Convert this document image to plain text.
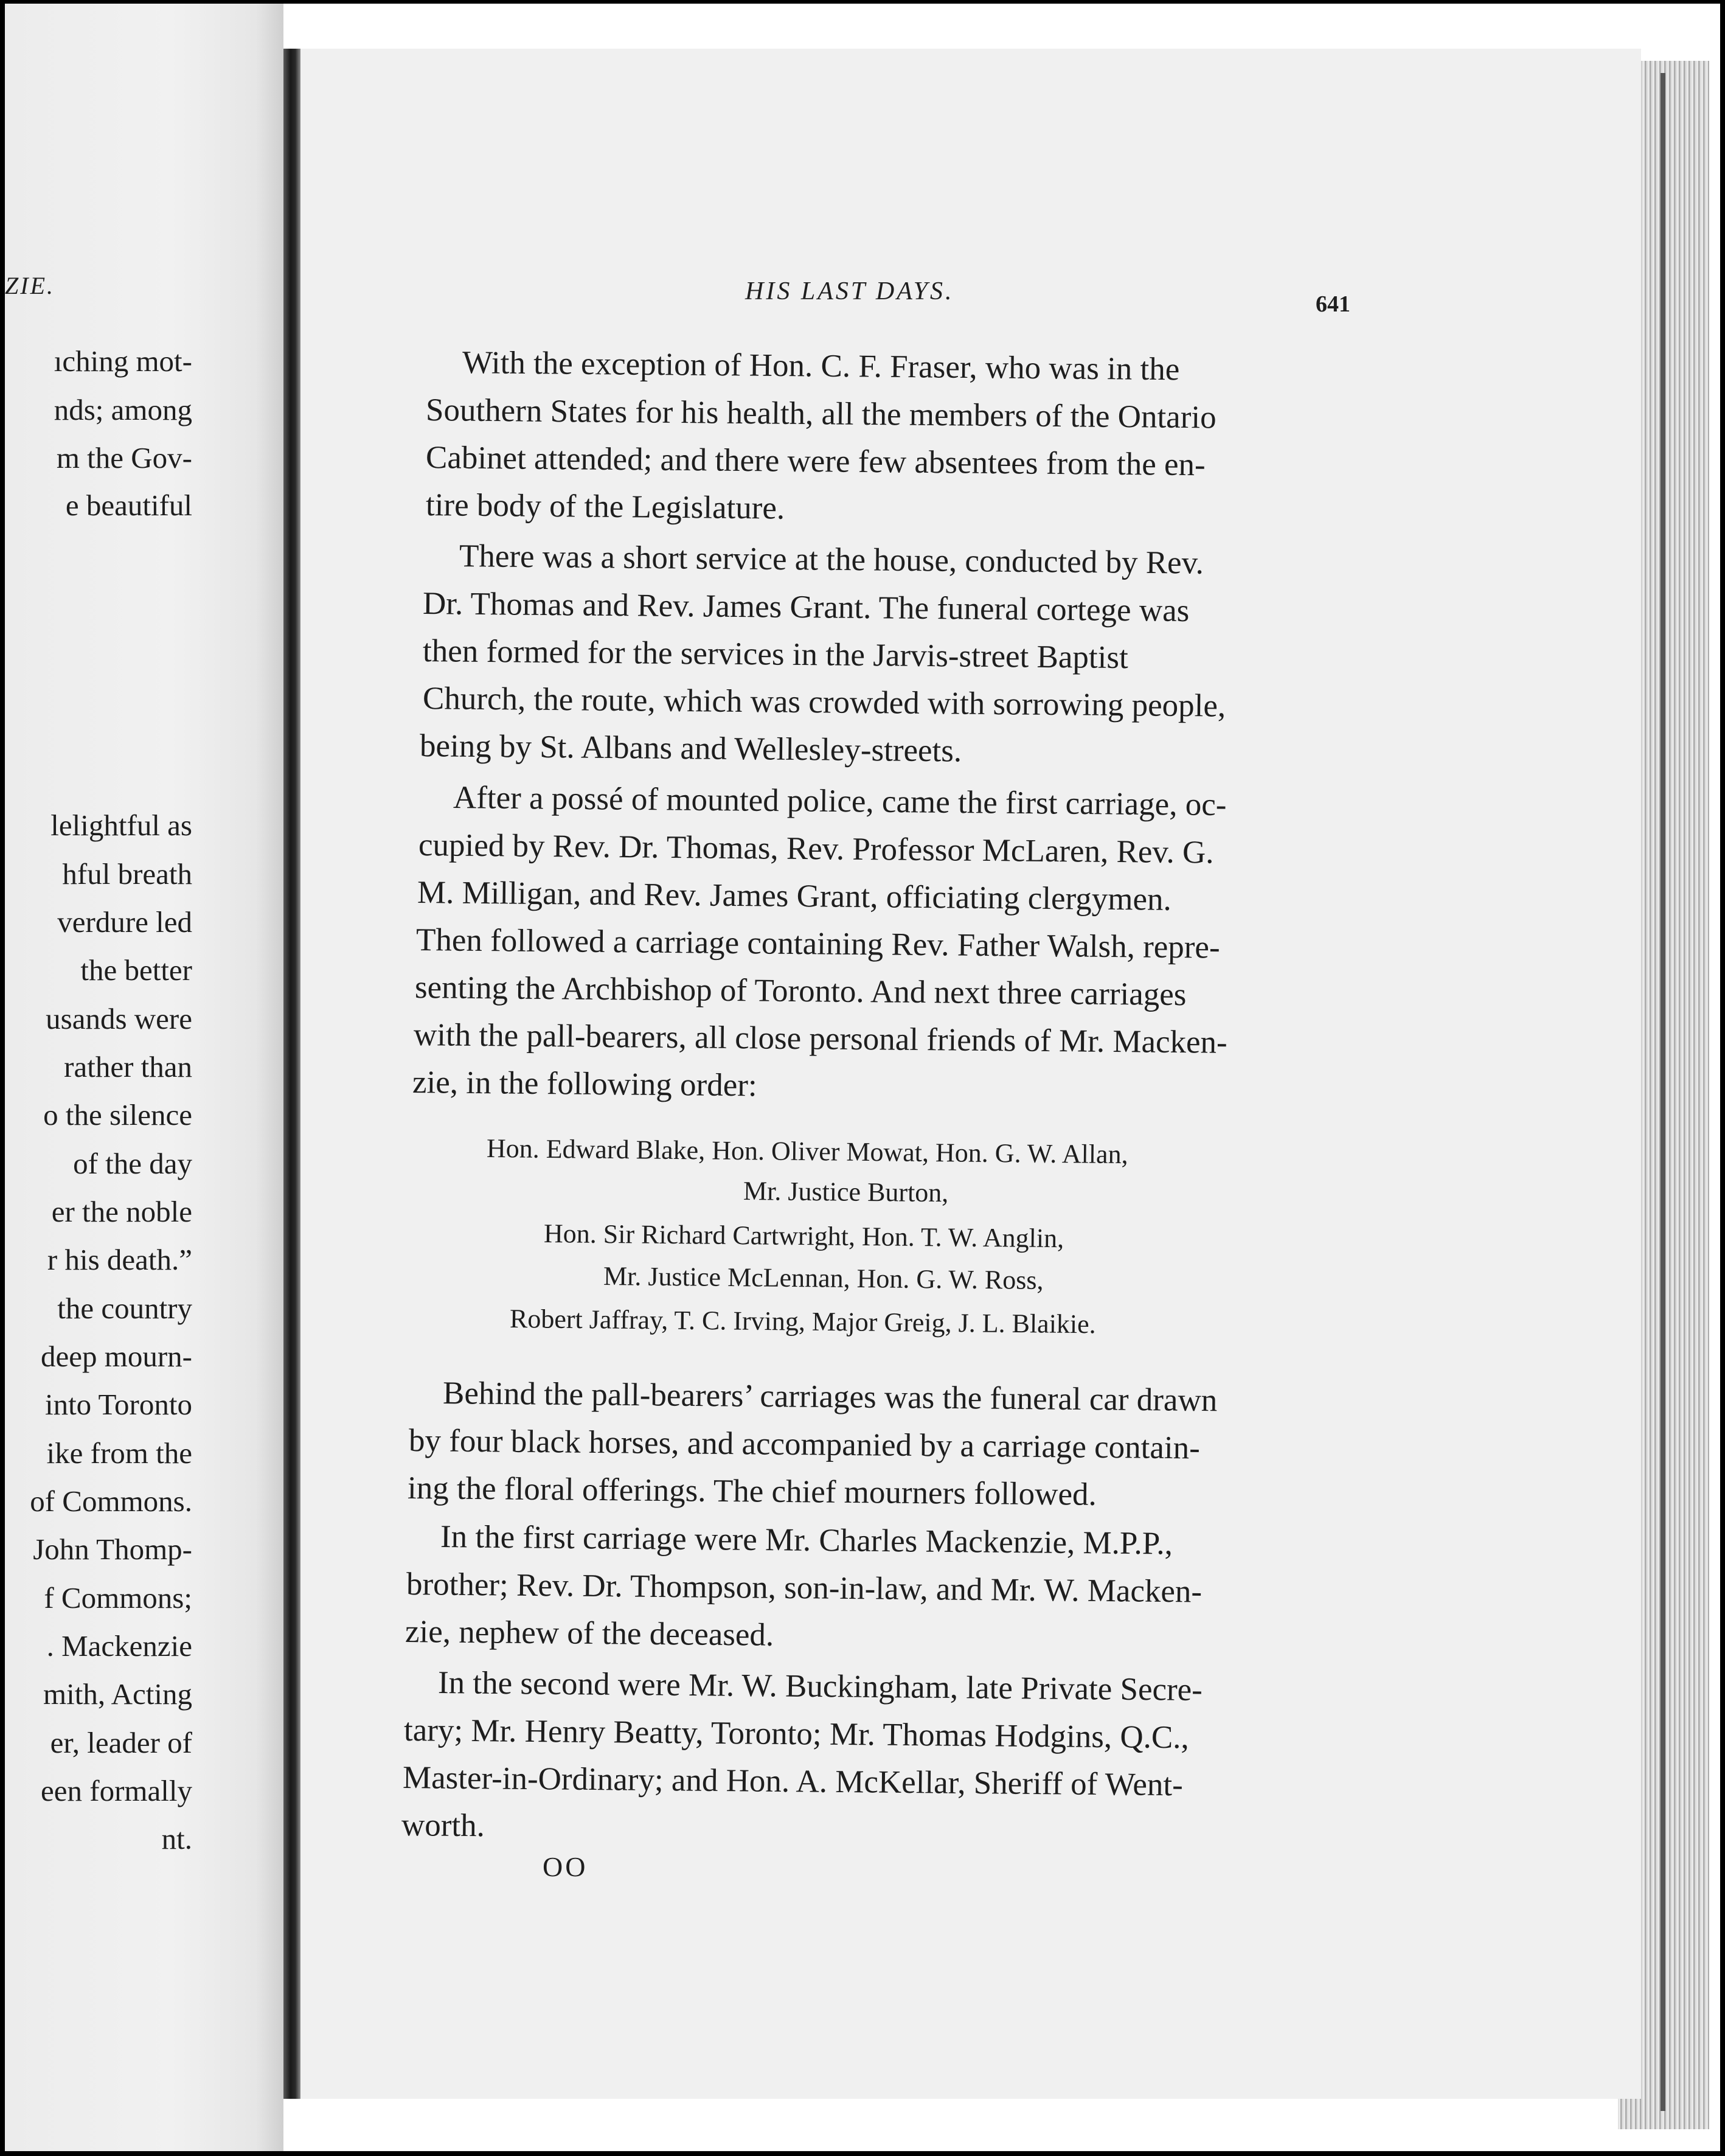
ZIE.
ıching mot-
nds; among
m the Gov-
e beautiful
lelightful as
hful breath
verdure led
the better
usands were
rather than
o the silence
of the day
er the noble
r his death.”
the country
deep mourn-
into Toronto
ike from the
of Commons.
John Thomp-
f Commons;
. Mackenzie
mith, Acting
er, leader of
een formally
nt.
HIS LAST DAYS.	641
With the exception of Hon. C. F. Fraser, who was in the
Southern States for his health, all the members of the Ontario
Cabinet attended; and there were few absentees from the en-
tire body of the Legislature.
There was a short service at the house, conducted by Rev.
Dr. Thomas and Rev. James Grant. The funeral cortege was
then formed for the services in the Jarvis-street Baptist
Church, the route, which was crowded with sorrowing people,
being by St. Albans and Wellesley-streets.
After a possé of mounted police, came the first carriage, oc-
cupied by Rev. Dr. Thomas, Rev. Professor McLaren, Rev. G.
M. Milligan, and Rev. James Grant, officiating clergymen.
Then followed a carriage containing Rev. Father Walsh, repre-
senting the Archbishop of Toronto. And next three carriages
with the pall-bearers, all close personal friends of Mr. Macken-
zie, in the following order:
Hon. Edward Blake, Hon. Oliver Mowat, Hon. G. W. Allan,
Mr. Justice Burton,
Hon. Sir Richard Cartwright, Hon. T. W. Anglin,
Mr. Justice McLennan, Hon. G. W. Ross,
Robert Jaffray, T. C. Irving, Major Greig, J. L. Blaikie.
Behind the pall-bearers’ carriages was the funeral car drawn
by four black horses, and accompanied by a carriage contain-
ing the floral offerings. The chief mourners followed.
In the first carriage were Mr. Charles Mackenzie, M.P.P.,
brother; Rev. Dr. Thompson, son-in-law, and Mr. W. Macken-
zie, nephew of the deceased.
In the second were Mr. W. Buckingham, late Private Secre-
tary; Mr. Henry Beatty, Toronto; Mr. Thomas Hodgins, Q.C.,
Master-in-Ordinary; and Hon. A. McKellar, Sheriff of Went-
worth.
OO
